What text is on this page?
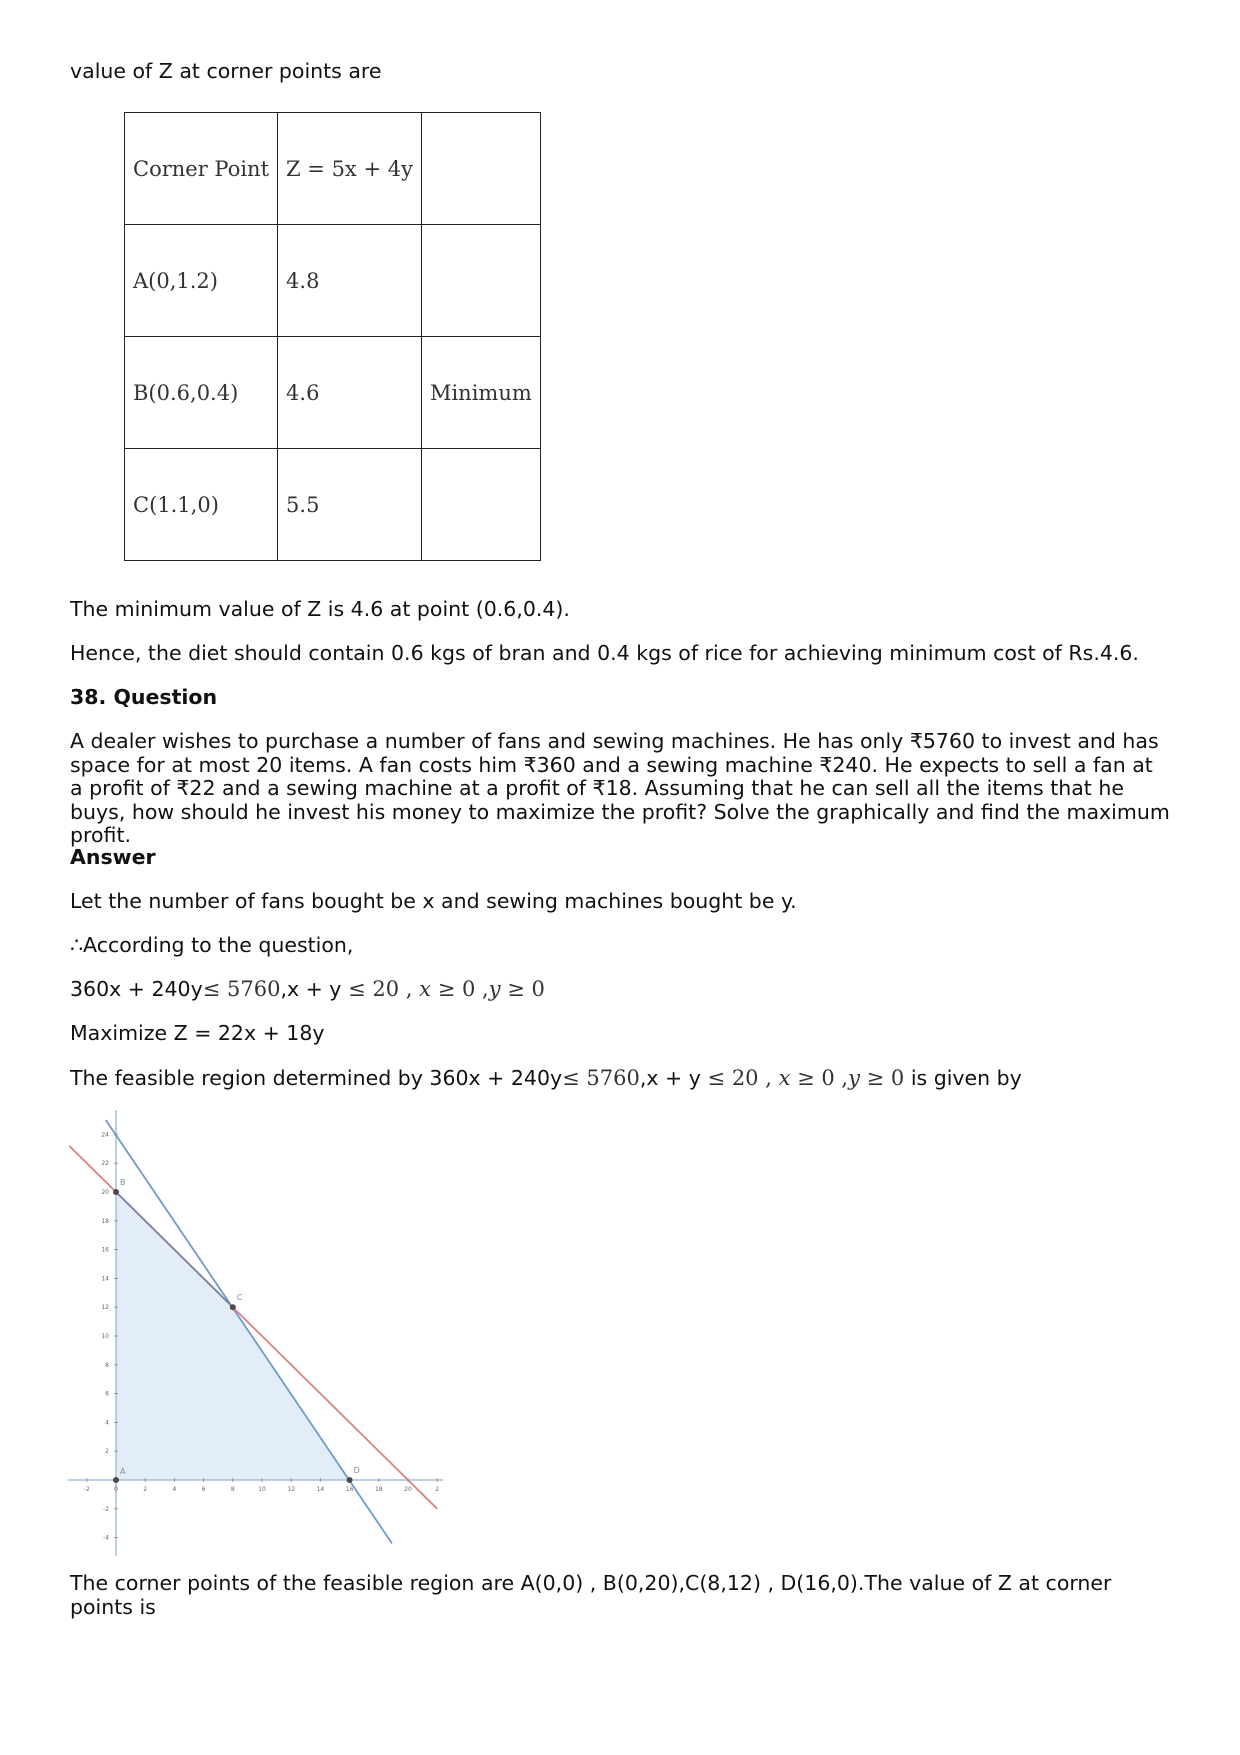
value of Z at corner points are

Corner Point	Z = 5x + 4y	
A(0,1.2)	4.8	
B(0.6,0.4)	4.6	Minimum
C(1.1,0)	5.5	

The minimum value of Z is 4.6 at point (0.6,0.4).

Hence, the diet should contain 0.6 kgs of bran and 0.4 kgs of rice for achieving minimum cost of Rs.4.6.

38. Question

A dealer wishes to purchase a number of fans and sewing machines. He has only ₹5760 to invest and has space for at most 20 items. A fan costs him ₹360 and a sewing machine ₹240. He expects to sell a fan at a profit of ₹22 and a sewing machine at a profit of ₹18. Assuming that he can sell all the items that he buys, how should he invest his money to maximize the profit? Solve the graphically and find the maximum profit.

Answer

Let the number of fans bought be x and sewing machines bought be y.

∴According to the question,

360x + 240y≤ 5760,x + y ≤ 20 , x ≥ 0 ,y ≥ 0

Maximize Z = 22x + 18y

The feasible region determined by 360x + 240y≤ 5760,x + y ≤ 20 , x ≥ 0 ,y ≥ 0 is given by

-2	0	2	4	6	8	10	12	14	16	18	20	2
24
22
20
18
16
14
12
10
8
6
4
2
-2
-4
A
B
C
D

The corner points of the feasible region are A(0,0) , B(0,20),C(8,12) , D(16,0).The value of Z at corner points is
